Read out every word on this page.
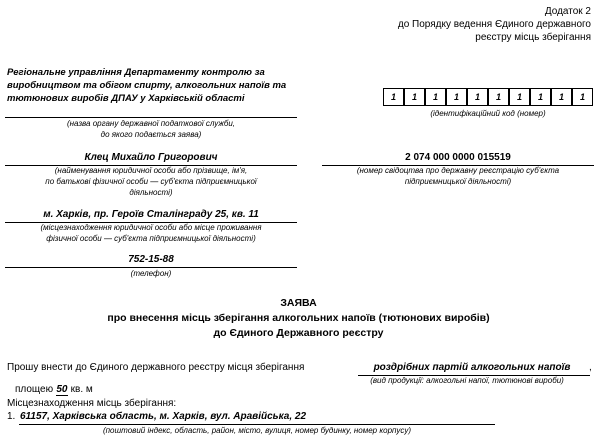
Додаток 2
до Порядку ведення Єдиного державного
реєстру місць зберігання
Регіональне управління Департаменту контролю за виробництвом та обігом спирту, алкогольних напоїв та тютюнових виробів ДПАУ у Харківській області
(назва органу державної податкової служби,
до якого подається заява)
1	1	1	1	1	1	1	1	1	1
(ідентифікаційний код (номер)
Клец Михайло Григорович
(найменування юридичної особи або прізвище, ім'я,
по батькові фізичної особи — суб'єкта підприємницької
діяльності)
2 074 000 0000 015519
(номер свідоцтва про державну реєстрацію суб'єкта
підприємницької діяльності)
м. Харків, пр. Героїв Сталінграду 25, кв. 11
(місцезнаходження юридичної особи або місце проживання
фізичної особи — суб'єкта підприємницької діяльності)
752-15-88
(телефон)
ЗАЯВА
про внесення місць зберігання алкогольних напоїв (тютюнових виробів)
до Єдиного Державного реєстру
Прошу внести до Єдиного державного реєстру місця зберігання	роздрібних партій алкогольних напоїв	,
(вид продукції: алкогольні напої, тютюнові вироби)
площею 50 кв. м
Місцезнаходження місць зберігання:
1. 61157, Харківська область, м. Харків, вул. Аравійська, 22
(поштовий індекс, область, район, місто, вулиця, номер будинку, номер корпусу)
